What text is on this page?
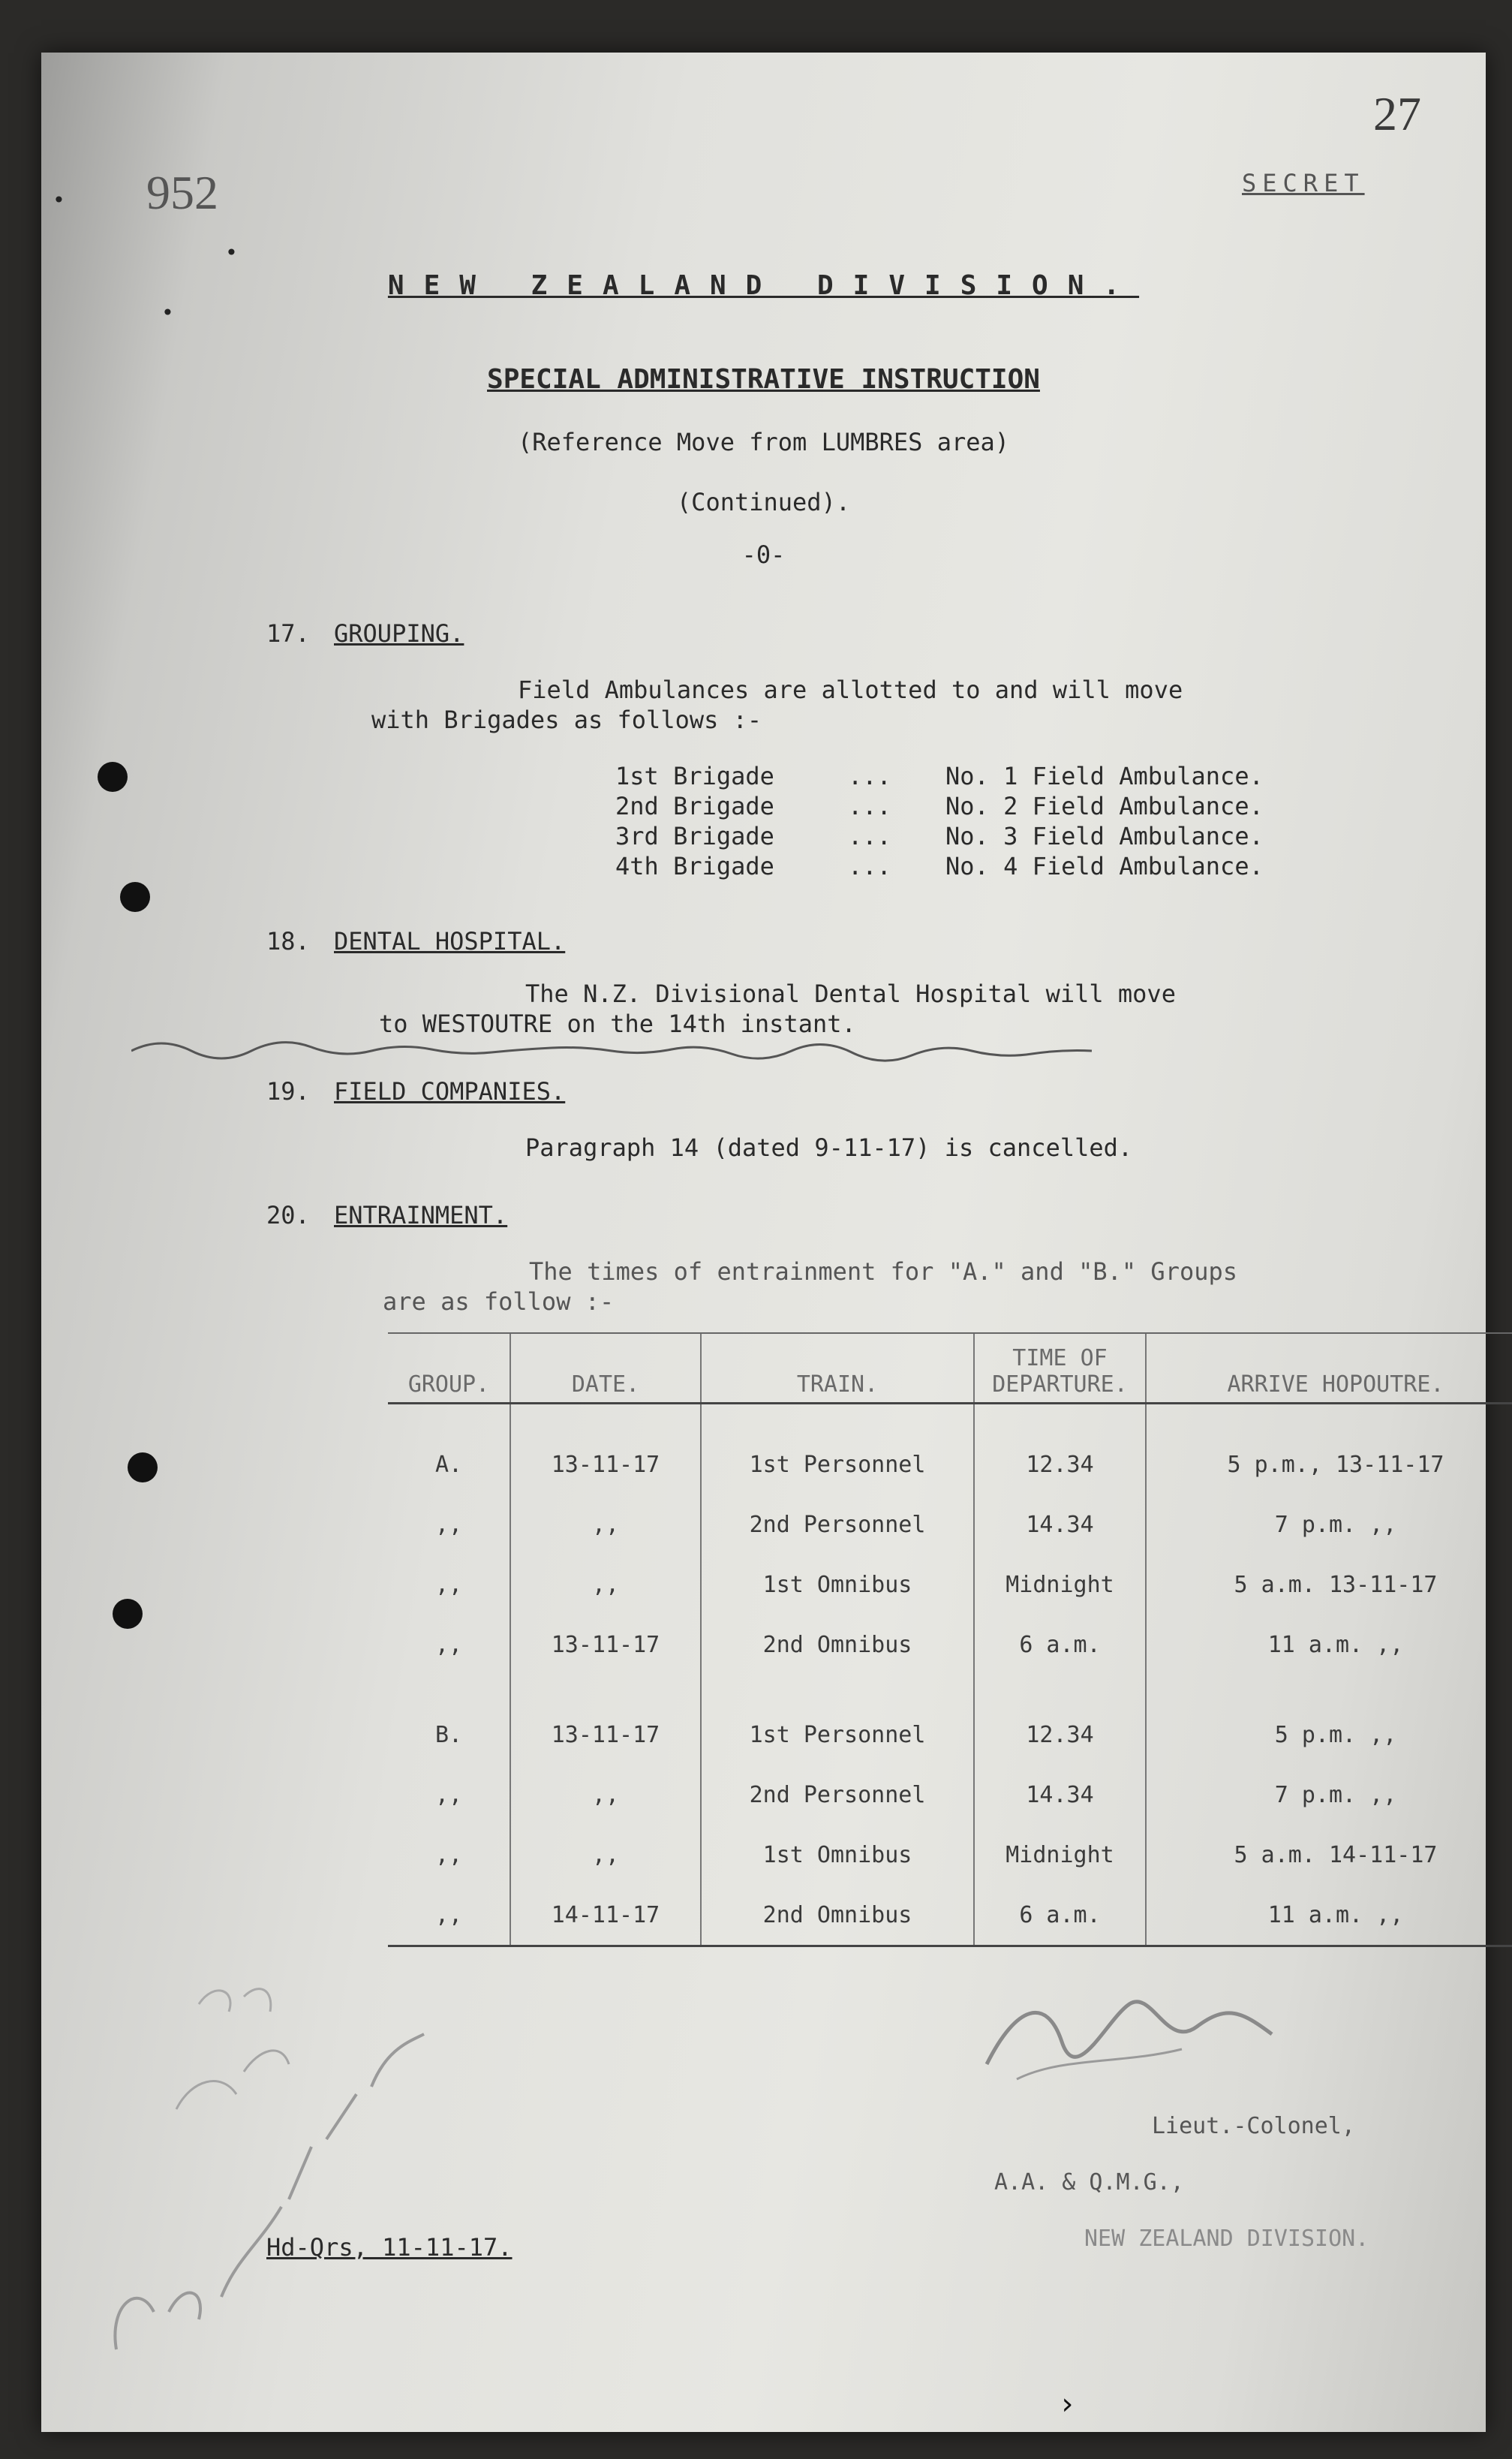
27
952	SECRET
•
•
•
NEW ZEALAND DIVISION.
SPECIAL ADMINISTRATIVE INSTRUCTION
(Reference Move from LUMBRES area)
(Continued).
-0-
17. GROUPING.
Field Ambulances are allotted to and will move
with Brigades as follows :-
1st Brigade	... No. 1 Field Ambulance.
2nd Brigade	... No. 2 Field Ambulance.
3rd Brigade	... No. 3 Field Ambulance.
4th Brigade	... No. 4 Field Ambulance.
18. DENTAL HOSPITAL.
The N.Z. Divisional Dental Hospital will move
to WESTOUTRE on the 14th instant.
19. FIELD COMPANIES.
Paragraph 14 (dated 9-11-17) is cancelled.
20. ENTRAINMENT.
The times of entrainment for "A." and "B." Groups
are as follow :-
GROUP.	DATE.	TRAIN.	TIME OF DEPARTURE.	ARRIVE HOPOUTRE.

A.	13-11-17	1st Personnel	12.34	5 p.m., 13-11-17
,,	,,	2nd Personnel	14.34	7 p.m. ,,
,,	,,	1st Omnibus	Midnight	5 a.m. 13-11-17
,,	13-11-17	2nd Omnibus	6 a.m.	11 a.m. ,,

B.	13-11-17	1st Personnel	12.34	5 p.m. ,,
,,	,,	2nd Personnel	14.34	7 p.m. ,,
,,	,,	1st Omnibus	Midnight	5 a.m. 14-11-17
,,	14-11-17	2nd Omnibus	6 a.m.	11 a.m. ,,
Lieut.-Colonel,
A.A. & Q.M.G.,
NEW ZEALAND DIVISION.
Hd-Qrs, 11-11-17.
›
